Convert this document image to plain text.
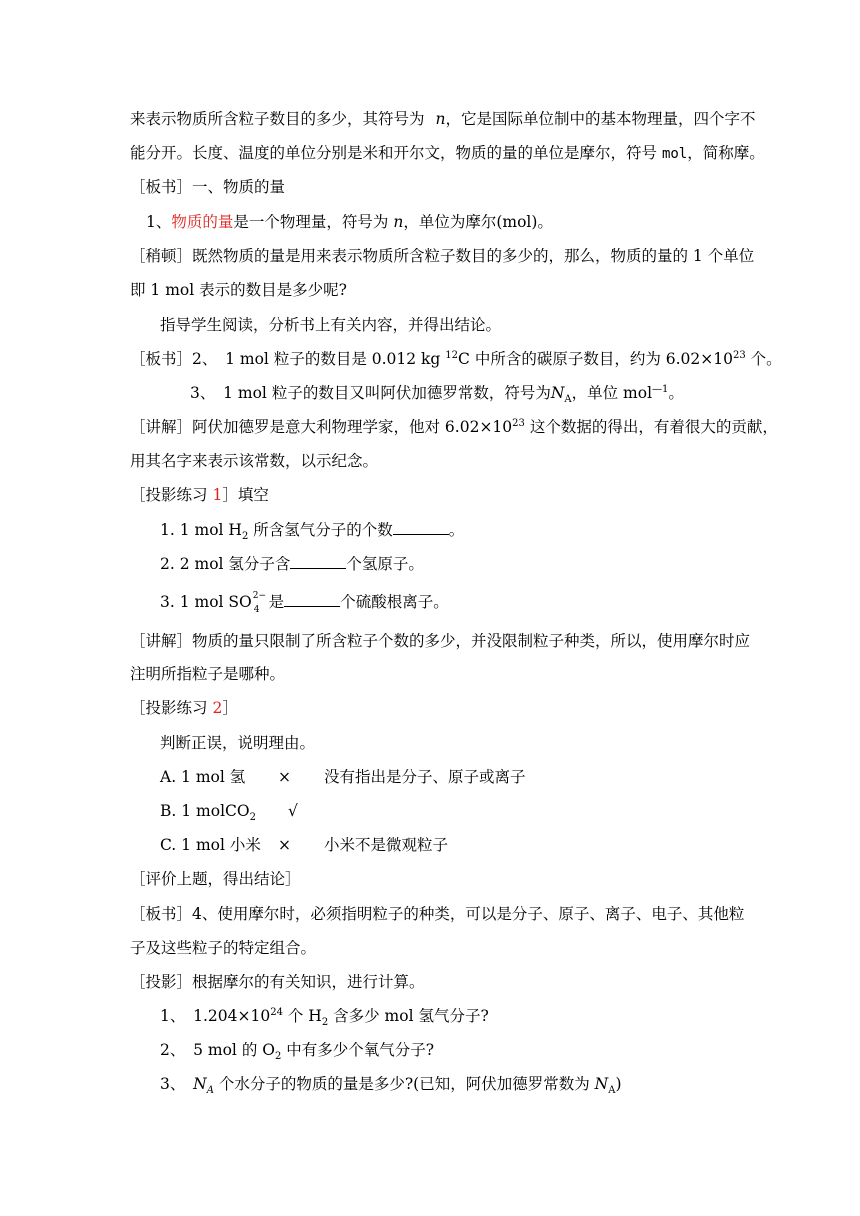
来表示物质所含粒子数目的多少，其符号为 n，它是国际单位制中的基本物理量，四个字不
能分开。长度、温度的单位分别是米和开尔文，物质的量的单位是摩尔，符号 mol，简称摩。
［板书］一、物质的量
1、物质的量是一个物理量，符号为 n，单位为摩尔(mol)。
［稍顿］既然物质的量是用来表示物质所含粒子数目的多少的，那么，物质的量的 1 个单位
即 1 mol 表示的数目是多少呢?
指导学生阅读，分析书上有关内容，并得出结论。
［板书］2、　1 mol 粒子的数目是 0.012 kg $^{12}$C 中所含的碳原子数目，约为 $6.02\times 10^{23}$ 个。
3、　1 mol 粒子的数目又叫阿伏加德罗常数，符号为$N_A$，单位 mol$^{—1}$。
［讲解］阿伏加德罗是意大利物理学家，他对 $6.02\times 10^{23}$ 这个数据的得出，有着很大的贡献，
用其名字来表示该常数，以示纪念。
［投影练习 1］填空
1. 1 mol $H_2$ 所含氢气分子的个数	。
2. 2 mol 氢分子含	个氢原子。
3. 1 mol SO 2−
4 是	个硫酸根离子。
［讲解］物质的量只限制了所含粒子个数的多少，并没限制粒子种类，所以，使用摩尔时应
注明所指粒子是哪种。
［投影练习 2］
判断正误，说明理由。
A. 1 mol 氢 × 没有指出是分子、原子或离子
B. 1 molCO$_2$ √
C. 1 mol 小米 × 小米不是微观粒子
［评价上题，得出结论］
［板书］4、使用摩尔时，必须指明粒子的种类，可以是分子、原子、离子、电子、其他粒
子及这些粒子的特定组合。
［投影］根据摩尔的有关知识，进行计算。
1、　$1.204\times 10^{24}$ 个 $H_2$ 含多少 mol 氢气分子?
2、　5 mol 的 $O_2$ 中有多少个氧气分子?
3、　$N_A$ 个水分子的物质的量是多少?(已知，阿伏加德罗常数为 $N_A$)
